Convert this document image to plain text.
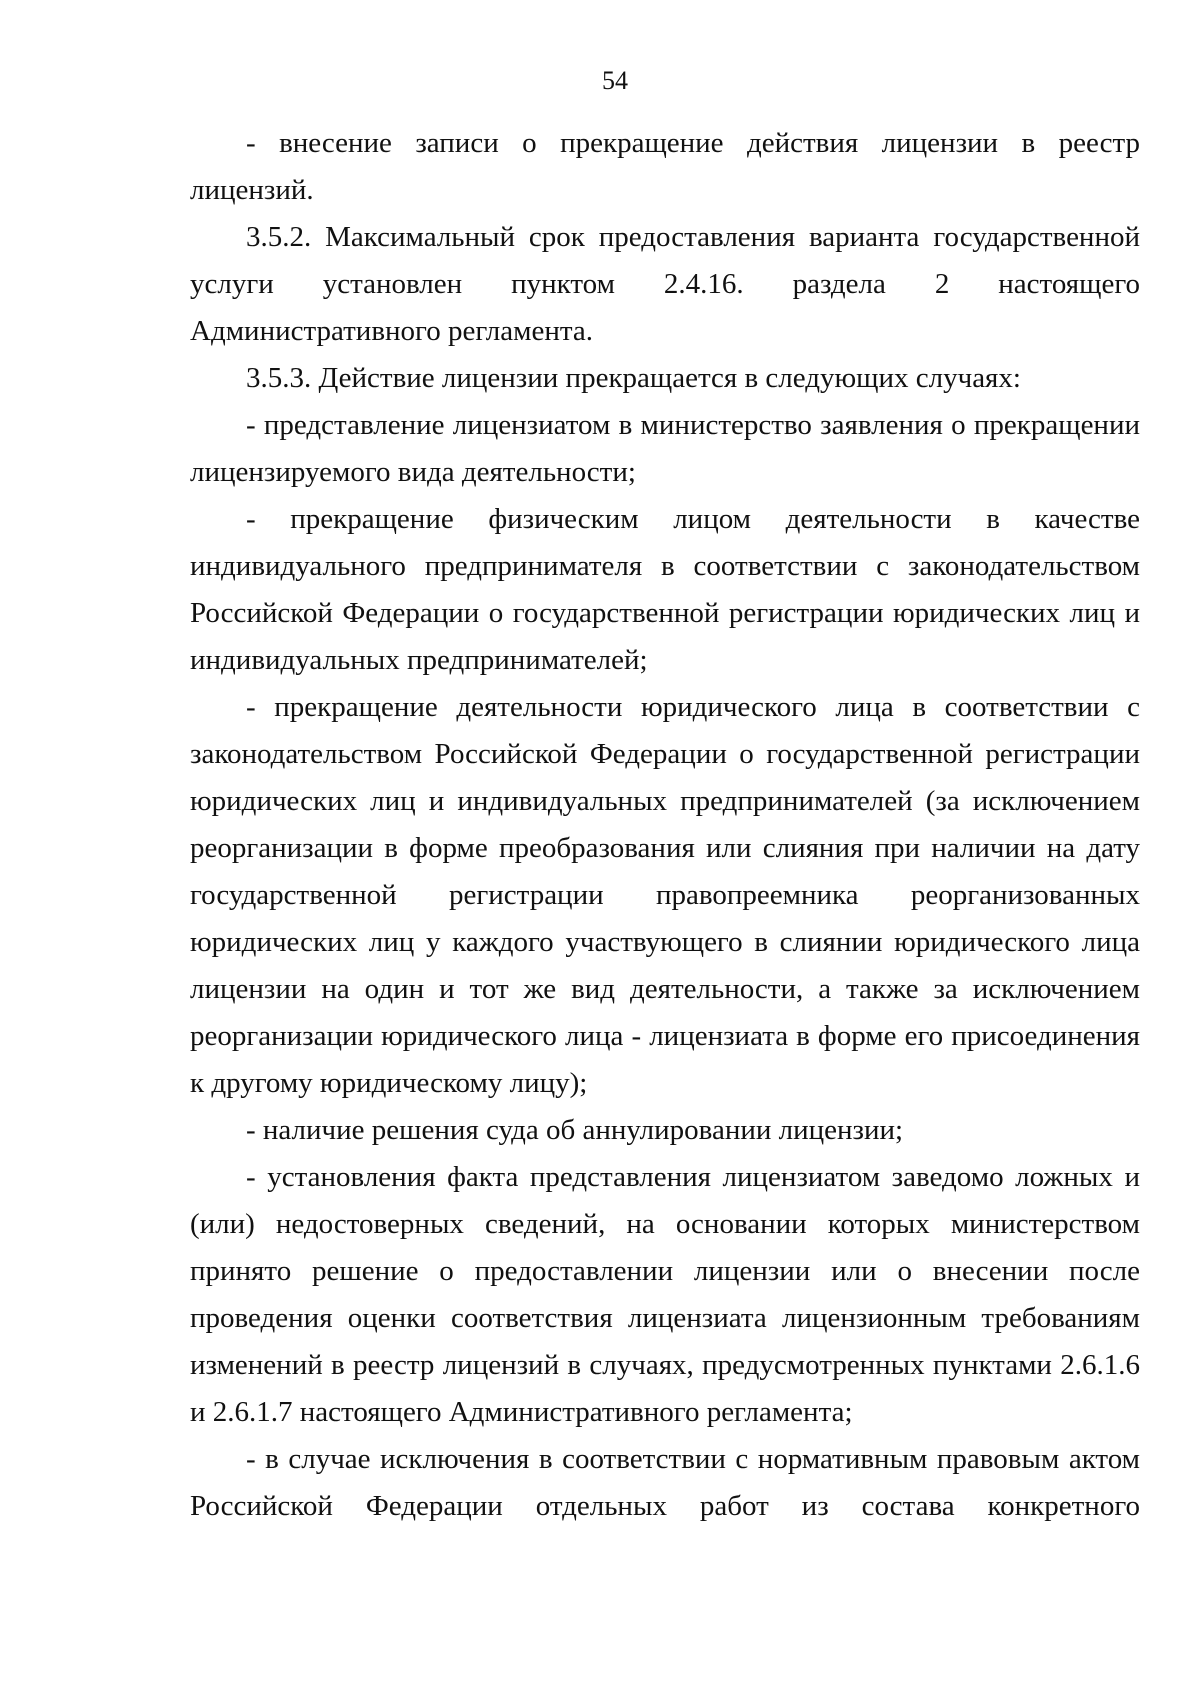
54

- внесение записи о прекращение действия лицензии в реестр лицензий.

3.5.2. Максимальный срок предоставления варианта государственной услуги установлен пунктом 2.4.16. раздела 2 настоящего Административного регламента.

3.5.3. Действие лицензии прекращается в следующих случаях:

- представление лицензиатом в министерство заявления о прекращении лицензируемого вида деятельности;

- прекращение физическим лицом деятельности в качестве индивидуального предпринимателя в соответствии с законодательством Российской Федерации о государственной регистрации юридических лиц и индивидуальных предпринимателей;

- прекращение деятельности юридического лица в соответствии с законодательством Российской Федерации о государственной регистрации юридических лиц и индивидуальных предпринимателей (за исключением реорганизации в форме преобразования или слияния при наличии на дату государственной регистрации правопреемника реорганизованных юридических лиц у каждого участвующего в слиянии юридического лица лицензии на один и тот же вид деятельности, а также за исключением реорганизации юридического лица - лицензиата в форме его присоединения к другому юридическому лицу);

- наличие решения суда об аннулировании лицензии;

- установления факта представления лицензиатом заведомо ложных и (или) недостоверных сведений, на основании которых министерством принято решение о предоставлении лицензии или о внесении после проведения оценки соответствия лицензиата лицензионным требованиям изменений в реестр лицензий в случаях, предусмотренных пунктами 2.6.1.6 и 2.6.1.7 настоящего Административного регламента;

- в случае исключения в соответствии с нормативным правовым актом Российской Федерации отдельных работ из состава конкретного
